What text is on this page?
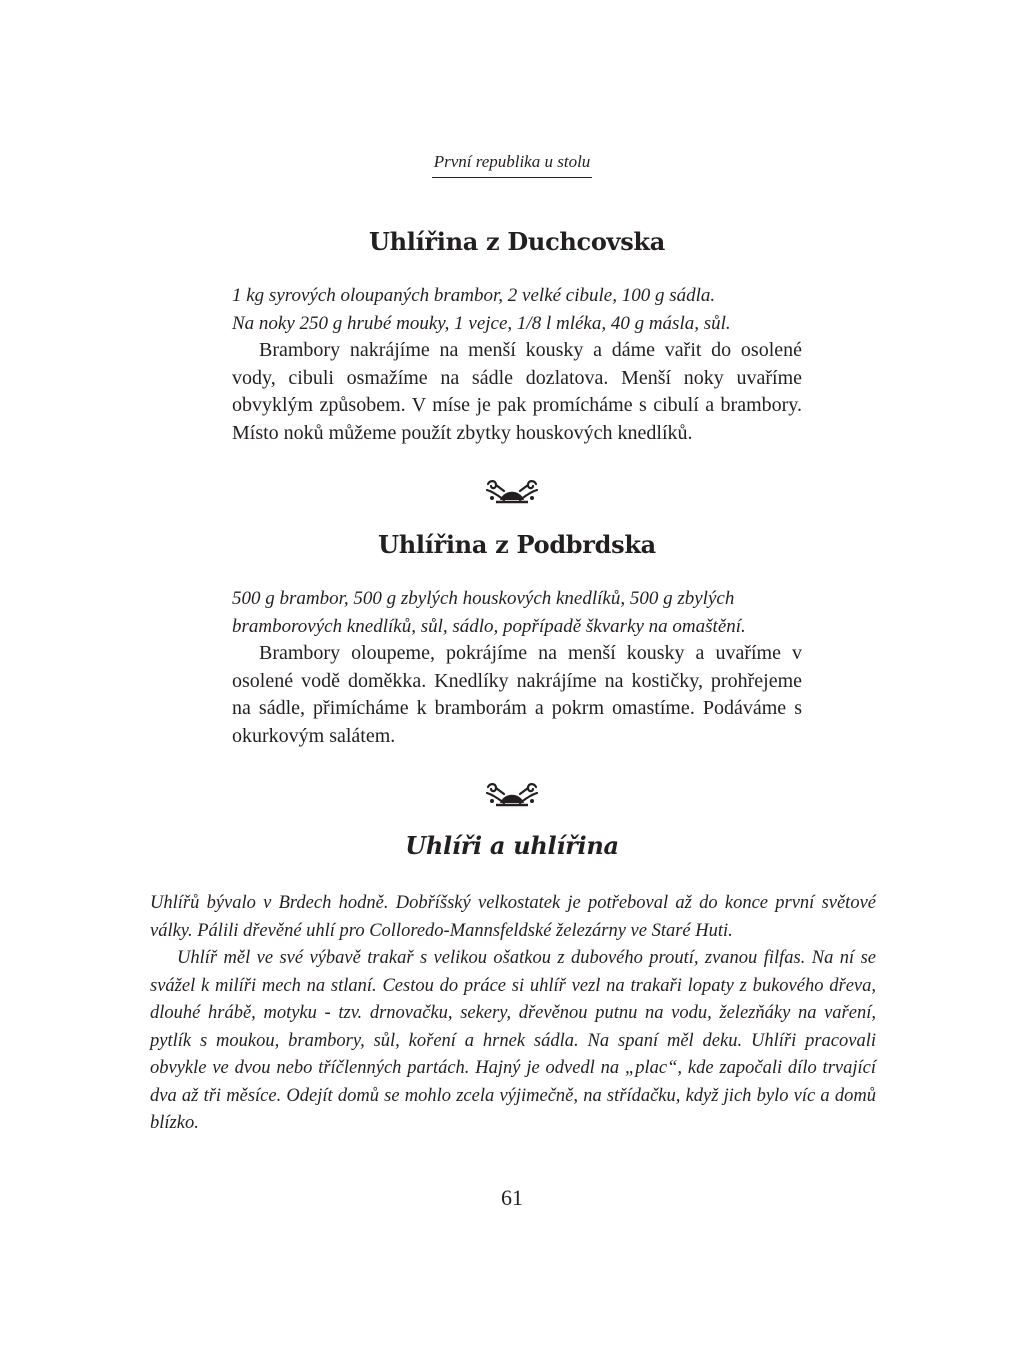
První republika u stolu
Uhlířina z Duchcovska

1 kg syrových oloupaných brambor, 2 velké cibule, 100 g sádla.
Na noky 250 g hrubé mouky, 1 vejce, 1/8 l mléka, 40 g másla, sůl.

Brambory nakrájíme na menší kousky a dáme vařit do osolené vody, cibuli osmažíme na sádle dozlatova. Menší noky uvaříme obvyklým způsobem. V míse je pak promícháme s cibulí a brambory. Místo noků můžeme použít zbytky houskových knedlíků.

Uhlířina z Podbrdska

500 g brambor, 500 g zbylých houskových knedlíků, 500 g zbylých bramborových knedlíků, sůl, sádlo, popřípadě škvarky na omaštění.

Brambory oloupeme, pokrájíme na menší kousky a uvaříme v osolené vodě doměkka. Knedlíky nakrájíme na kostičky, prohřejeme na sádle, přimícháme k bramborám a pokrm omastíme. Podáváme s okurkovým salátem.

Uhlíři a uhlířina

Uhlířů bývalo v Brdech hodně. Dobříšský velkostatek je potřeboval až do konce první světové války. Pálili dřevěné uhlí pro Colloredo-Mannsfeldské železárny ve Staré Huti.

Uhlíř měl ve své výbavě trakař s velikou ošatkou z dubového proutí, zvanou filfas. Na ní se svážel k milíři mech na stlaní. Cestou do práce si uhlíř vezl na trakaři lopaty z bukového dřeva, dlouhé hrábě, motyku - tzv. drnovačku, sekery, dřevěnou putnu na vodu, železňáky na vaření, pytlík s moukou, brambory, sůl, koření a hrnek sádla. Na spaní měl deku. Uhlíři pracovali obvykle ve dvou nebo tříčlenných partách. Hajný je odvedl na „plac“, kde započali dílo trvající dva až tři měsíce. Odejít domů se mohlo zcela výjimečně, na střídačku, když jich bylo víc a domů blízko.

61
